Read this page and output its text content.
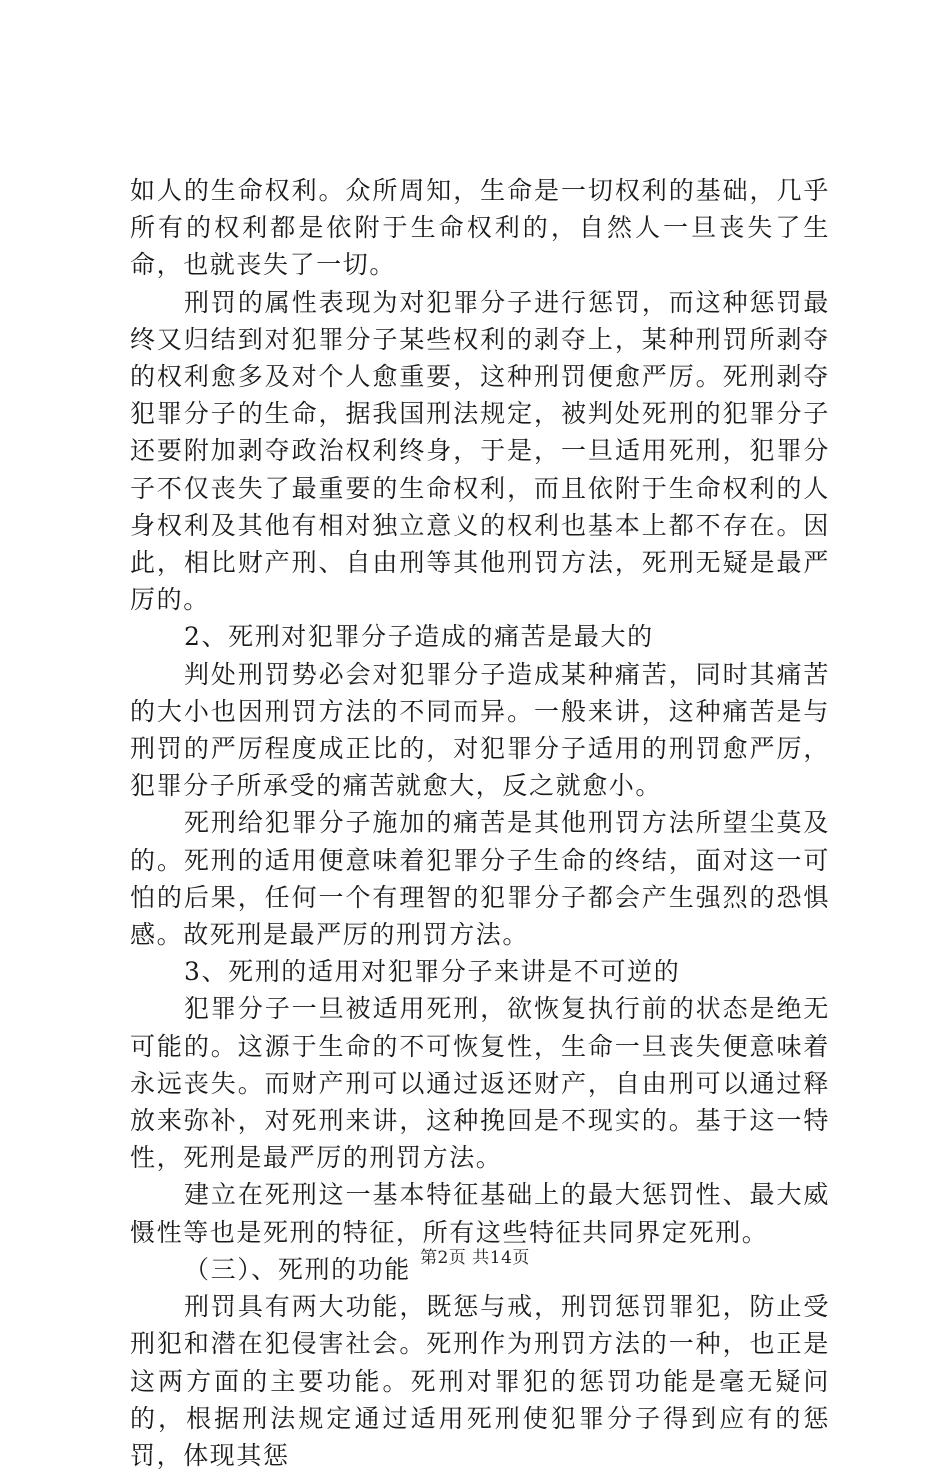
如人的生命权利。众所周知，生命是一切权利的基础，几乎所有的权利都是依附于生命权利的，自然人一旦丧失了生命，也就丧失了一切。

刑罚的属性表现为对犯罪分子进行惩罚，而这种惩罚最终又归结到对犯罪分子某些权利的剥夺上，某种刑罚所剥夺的权利愈多及对个人愈重要，这种刑罚便愈严厉。死刑剥夺犯罪分子的生命，据我国刑法规定，被判处死刑的犯罪分子还要附加剥夺政治权利终身，于是，一旦适用死刑，犯罪分子不仅丧失了最重要的生命权利，而且依附于生命权利的人身权利及其他有相对独立意义的权利也基本上都不存在。因此，相比财产刑、自由刑等其他刑罚方法，死刑无疑是最严厉的。

2、死刑对犯罪分子造成的痛苦是最大的

判处刑罚势必会对犯罪分子造成某种痛苦，同时其痛苦的大小也因刑罚方法的不同而异。一般来讲，这种痛苦是与刑罚的严厉程度成正比的，对犯罪分子适用的刑罚愈严厉，犯罪分子所承受的痛苦就愈大，反之就愈小。

死刑给犯罪分子施加的痛苦是其他刑罚方法所望尘莫及的。死刑的适用便意味着犯罪分子生命的终结，面对这一可怕的后果，任何一个有理智的犯罪分子都会产生强烈的恐惧感。故死刑是最严厉的刑罚方法。

3、死刑的适用对犯罪分子来讲是不可逆的

犯罪分子一旦被适用死刑，欲恢复执行前的状态是绝无可能的。这源于生命的不可恢复性，生命一旦丧失便意味着永远丧失。而财产刑可以通过返还财产，自由刑可以通过释放来弥补，对死刑来讲，这种挽回是不现实的。基于这一特性，死刑是最严厉的刑罚方法。

建立在死刑这一基本特征基础上的最大惩罚性、最大威慑性等也是死刑的特征，所有这些特征共同界定死刑。

（三）、死刑的功能

刑罚具有两大功能，既惩与戒，刑罚惩罚罪犯，防止受刑犯和潜在犯侵害社会。死刑作为刑罚方法的一种，也正是这两方面的主要功能。死刑对罪犯的惩罚功能是毫无疑问的，根据刑法规定通过适用死刑使犯罪分子得到应有的惩罚，体现其惩

第2页 共14页
